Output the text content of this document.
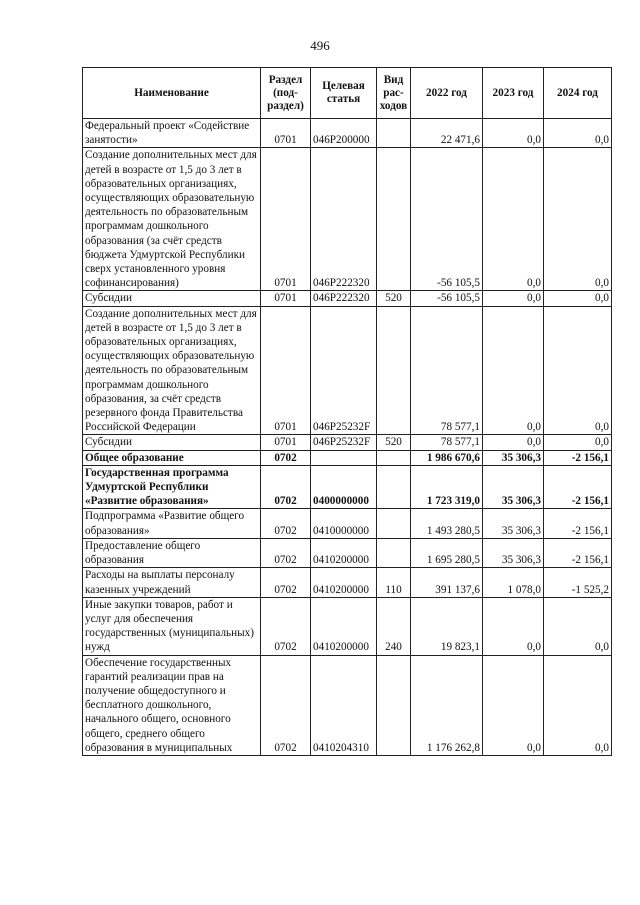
496
Наименование	Раздел (под-раздел)	Целевая статья	Вид рас-ходов	2022 год	2023 год	2024 год
Федеральный проект «Содействие занятости»	0701	046P200000		22 471,6	0,0	0,0
Создание дополнительных мест для детей в возрасте от 1,5 до 3 лет в образовательных организациях, осуществляющих образовательную деятельность по образовательным программам дошкольного образования (за счёт средств бюджета Удмуртской Республики сверх установленного уровня софинансирования)	0701	046P222320		-56 105,5	0,0	0,0
Субсидии	0701	046P222320	520	-56 105,5	0,0	0,0
Создание дополнительных мест для детей в возрасте от 1,5 до 3 лет в образовательных организациях, осуществляющих образовательную деятельность по образовательным программам дошкольного образования, за счёт средств резервного фонда Правительства Российской Федерации	0701	046P25232F		78 577,1	0,0	0,0
Субсидии	0701	046P25232F	520	78 577,1	0,0	0,0
Общее образование	0702			1 986 670,6	35 306,3	-2 156,1
Государственная программа Удмуртской Республики «Развитие образования»	0702	0400000000		1 723 319,0	35 306,3	-2 156,1
Подпрограмма «Развитие общего образования»	0702	0410000000		1 493 280,5	35 306,3	-2 156,1
Предоставление общего образования	0702	0410200000		1 695 280,5	35 306,3	-2 156,1
Расходы на выплаты персоналу казенных учреждений	0702	0410200000	110	391 137,6	1 078,0	-1 525,2
Иные закупки товаров, работ и услуг для обеспечения государственных (муниципальных) нужд	0702	0410200000	240	19 823,1	0,0	0,0
Обеспечение государственных гарантий реализации прав на получение общедоступного и бесплатного дошкольного, начального общего, основного общего, среднего общего образования в муниципальных	0702	0410204310		1 176 262,8	0,0	0,0
